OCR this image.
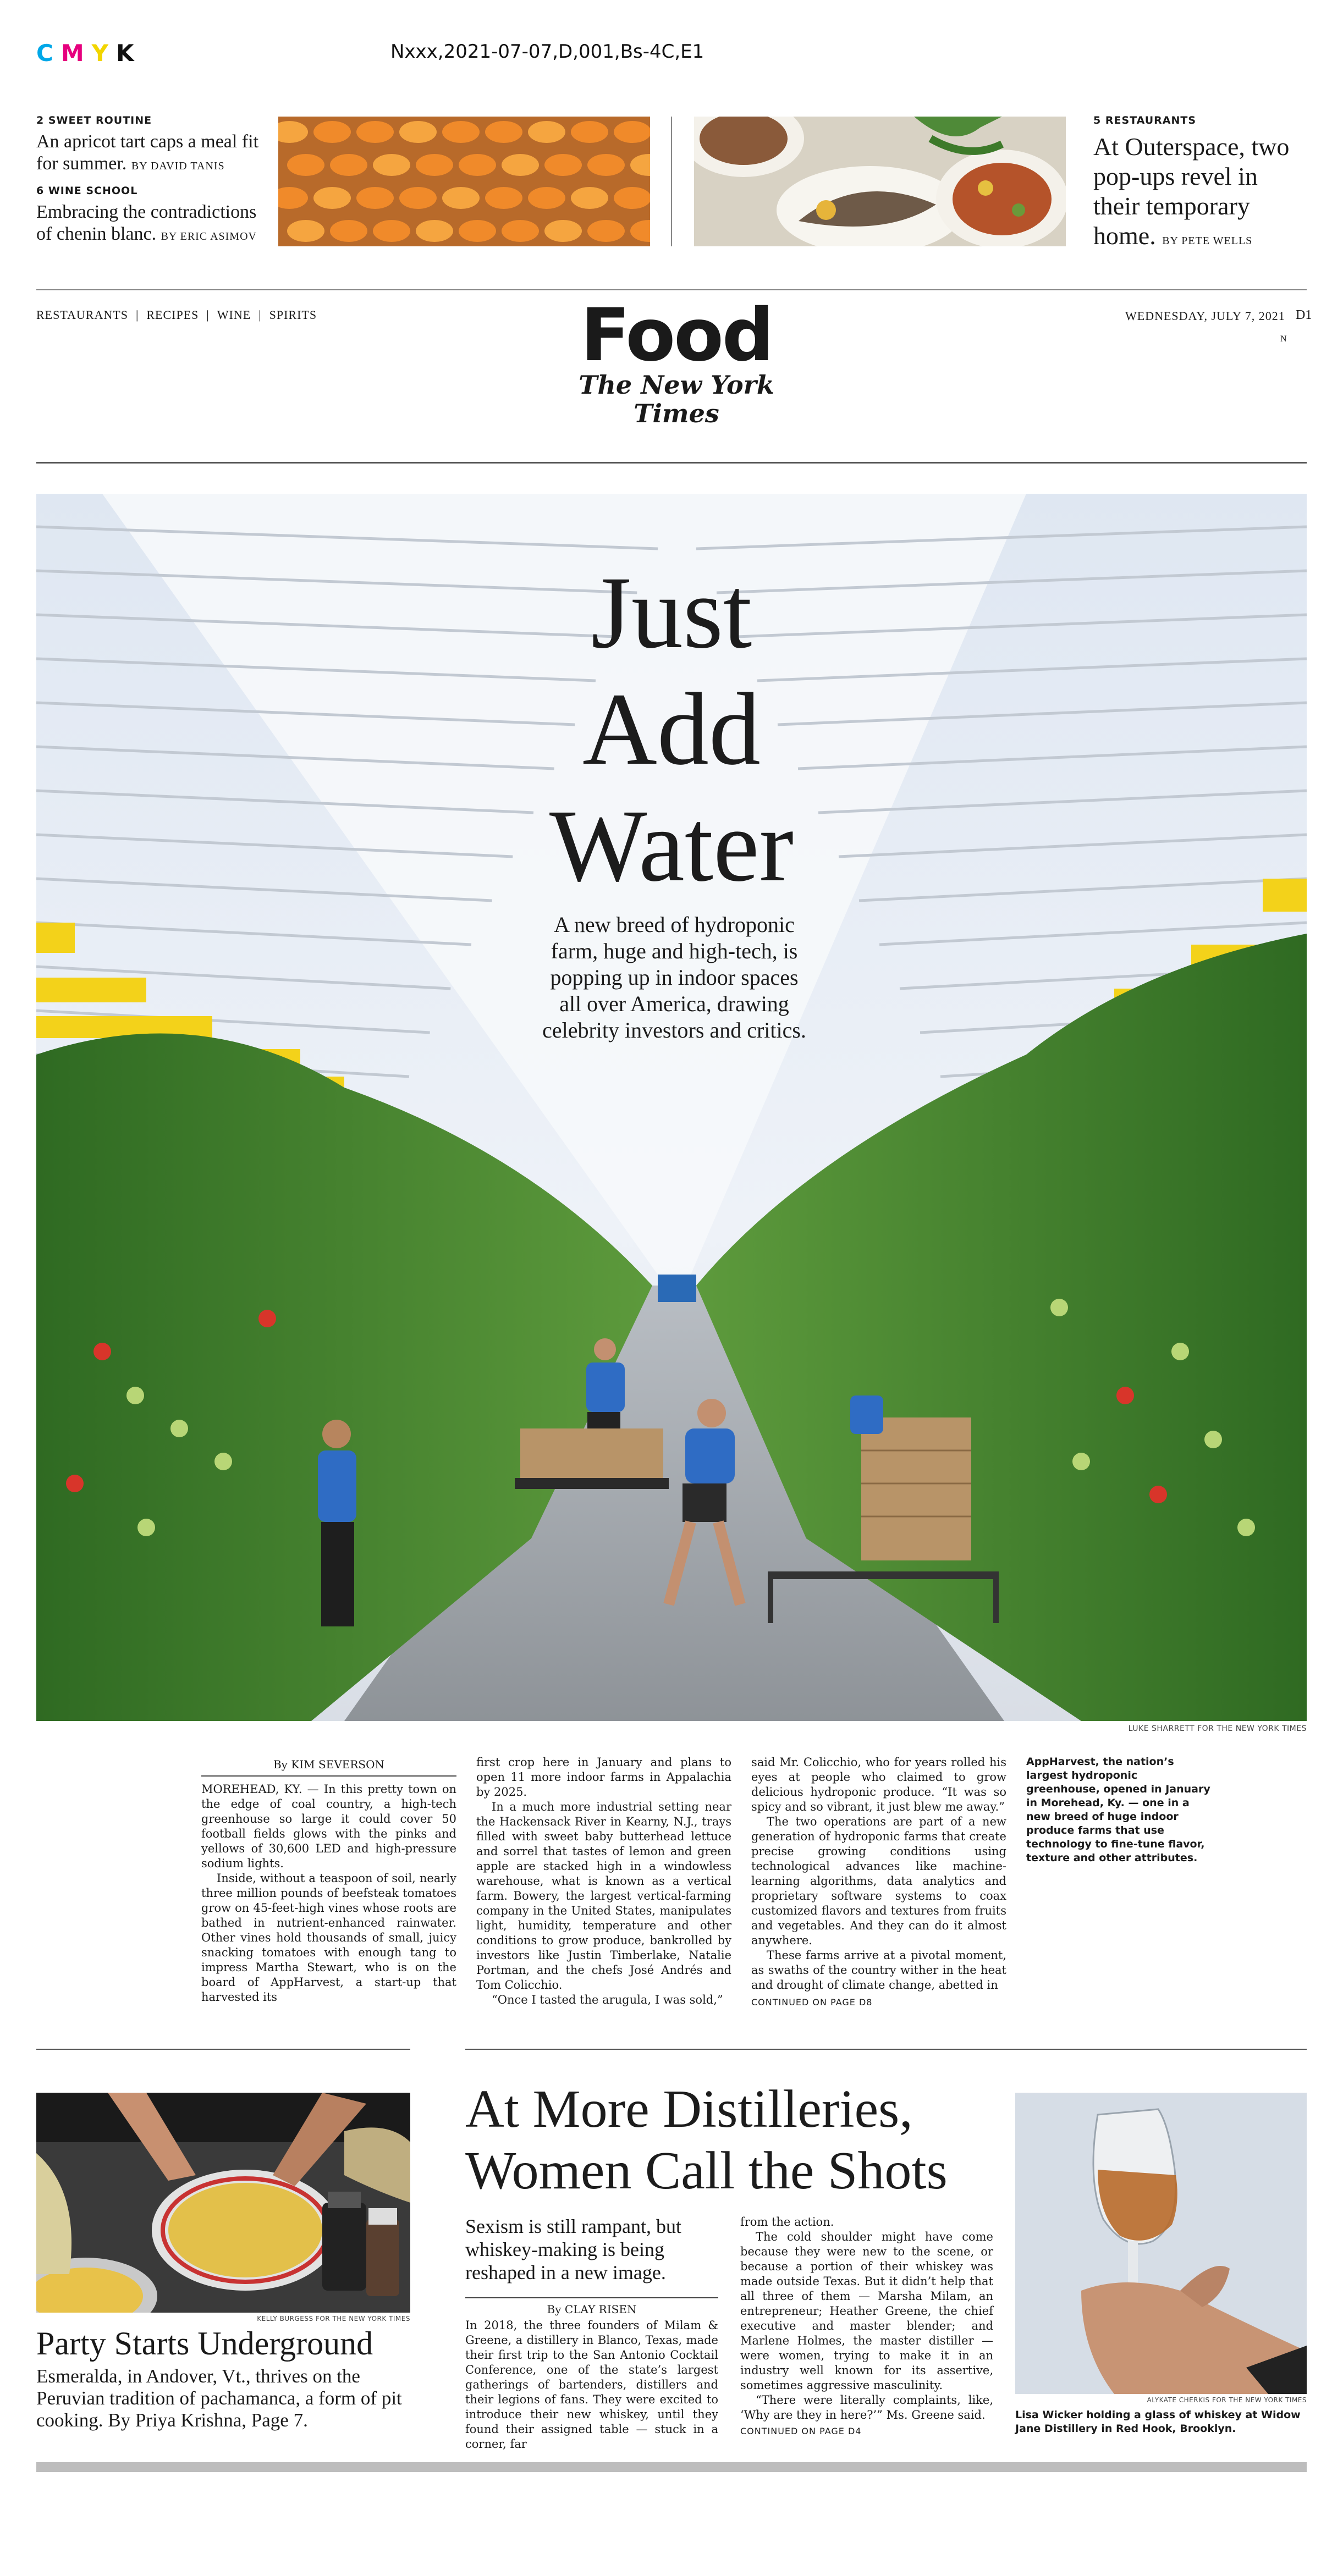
CMYK	Nxxx,2021-07-07,D,001,Bs-4C,E1
2 SWEET ROUTINE
An apricot tart caps a meal fit for summer. BY DAVID TANIS
6 WINE SCHOOL
Embracing the contradictions of chenin blanc. BY ERIC ASIMOV
5 RESTAURANTS
At Outerspace, two pop-ups revel in their temporary home. BY PETE WELLS
RESTAURANTS | RECIPES | WINE | SPIRITS	Food
The New York Times
WEDNESDAY, JULY 7, 2021 D1
N
Just
Add
Water
A new breed of hydroponic farm, huge and high-tech, is popping up in indoor spaces all over America, drawing celebrity investors and critics.
LUKE SHARRETT FOR THE NEW YORK TIMES
By KIM SEVERSON

MOREHEAD, KY. — In this pretty town on the edge of coal country, a high-tech greenhouse so large it could cover 50 football fields glows with the pinks and yellows of 30,600 LED and high-pressure sodium lights.

Inside, without a teaspoon of soil, nearly three million pounds of beefsteak tomatoes grow on 45-feet-high vines whose roots are bathed in nutrient-enhanced rainwater. Other vines hold thousands of small, juicy snacking tomatoes with enough tang to impress Martha Stewart, who is on the board of AppHarvest, a start-up that harvested its

first crop here in January and plans to open 11 more indoor farms in Appalachia by 2025.

In a much more industrial setting near the Hackensack River in Kearny, N.J., trays filled with sweet baby butterhead lettuce and sorrel that tastes of lemon and green apple are stacked high in a windowless warehouse, what is known as a vertical farm. Bowery, the largest vertical-farming company in the United States, manipulates light, humidity, temperature and other conditions to grow produce, bankrolled by investors like Justin Timberlake, Natalie Portman, and the chefs José Andrés and Tom Colicchio.

“Once I tasted the arugula, I was sold,”

said Mr. Colicchio, who for years rolled his eyes at people who claimed to grow delicious hydroponic produce. “It was so spicy and so vibrant, it just blew me away.”

The two operations are part of a new generation of hydroponic farms that create precise growing conditions using technological advances like machine-learning algorithms, data analytics and proprietary software systems to coax customized flavors and textures from fruits and vegetables. And they can do it almost anywhere.

These farms arrive at a pivotal moment, as swaths of the country wither in the heat and drought of climate change, abetted in

CONTINUED ON PAGE D8
AppHarvest, the nation’s largest hydroponic greenhouse, opened in January in Morehead, Ky. — one in a new breed of huge indoor produce farms that use technology to fine-tune flavor, texture and other attributes.
KELLY BURGESS FOR THE NEW YORK TIMES
Party Starts Underground
Esmeralda, in Andover, Vt., thrives on the Peruvian tradition of pachamanca, a form of pit cooking. By Priya Krishna, Page 7.
At More Distilleries, Women Call the Shots
Sexism is still rampant, but whiskey-making is being reshaped in a new image.
By CLAY RISEN

In 2018, the three founders of Milam & Greene, a distillery in Blanco, Texas, made their first trip to the San Antonio Cocktail Conference, one of the state’s largest gatherings of bartenders, distillers and their legions of fans. They were excited to introduce their new whiskey, until they found their assigned table — stuck in a corner, far

from the action.

The cold shoulder might have come because they were new to the scene, or because a portion of their whiskey was made outside Texas. But it didn’t help that all three of them — Marsha Milam, an entrepreneur; Heather Greene, the chief executive and master blender; and Marlene Holmes, the master distiller — were women, trying to make it in an industry well known for its assertive, sometimes aggressive masculinity.

“There were literally complaints, like, ‘Why are they in here?’” Ms. Greene said.

CONTINUED ON PAGE D4
ALYKATE CHERKIS FOR THE NEW YORK TIMES
Lisa Wicker holding a glass of whiskey at Widow Jane Distillery in Red Hook, Brooklyn.
